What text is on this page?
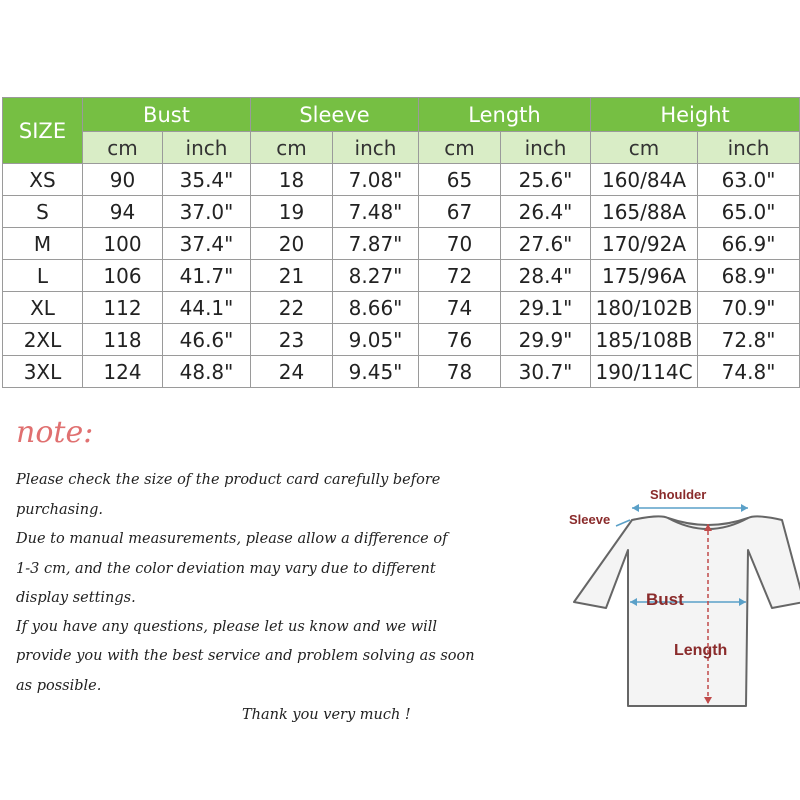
SIZE	Bust		Sleeve		Length		Height	
	cm	inch	cm	inch	cm	inch	cm	inch
XS	90	35.4"	18	7.08"	65	25.6"	160/84A	63.0"
S	94	37.0"	19	7.48"	67	26.4"	165/88A	65.0"
M	100	37.4"	20	7.87"	70	27.6"	170/92A	66.9"
L	106	41.7"	21	8.27"	72	28.4"	175/96A	68.9"
XL	112	44.1"	22	8.66"	74	29.1"	180/102B	70.9"
2XL	118	46.6"	23	9.05"	76	29.9"	185/108B	72.8"
3XL	124	48.8"	24	9.45"	78	30.7"	190/114C	74.8"
note:

Please check the size of the product card carefully before

purchasing.

Due to manual measurements, please allow a difference of

1-3 cm, and the color deviation may vary due to different

display settings.

If you have any questions, please let us know and we will

provide you with the best service and problem solving as soon

as possible.

Thank you very much !

Shoulder
Sleeve
Bust
Length
